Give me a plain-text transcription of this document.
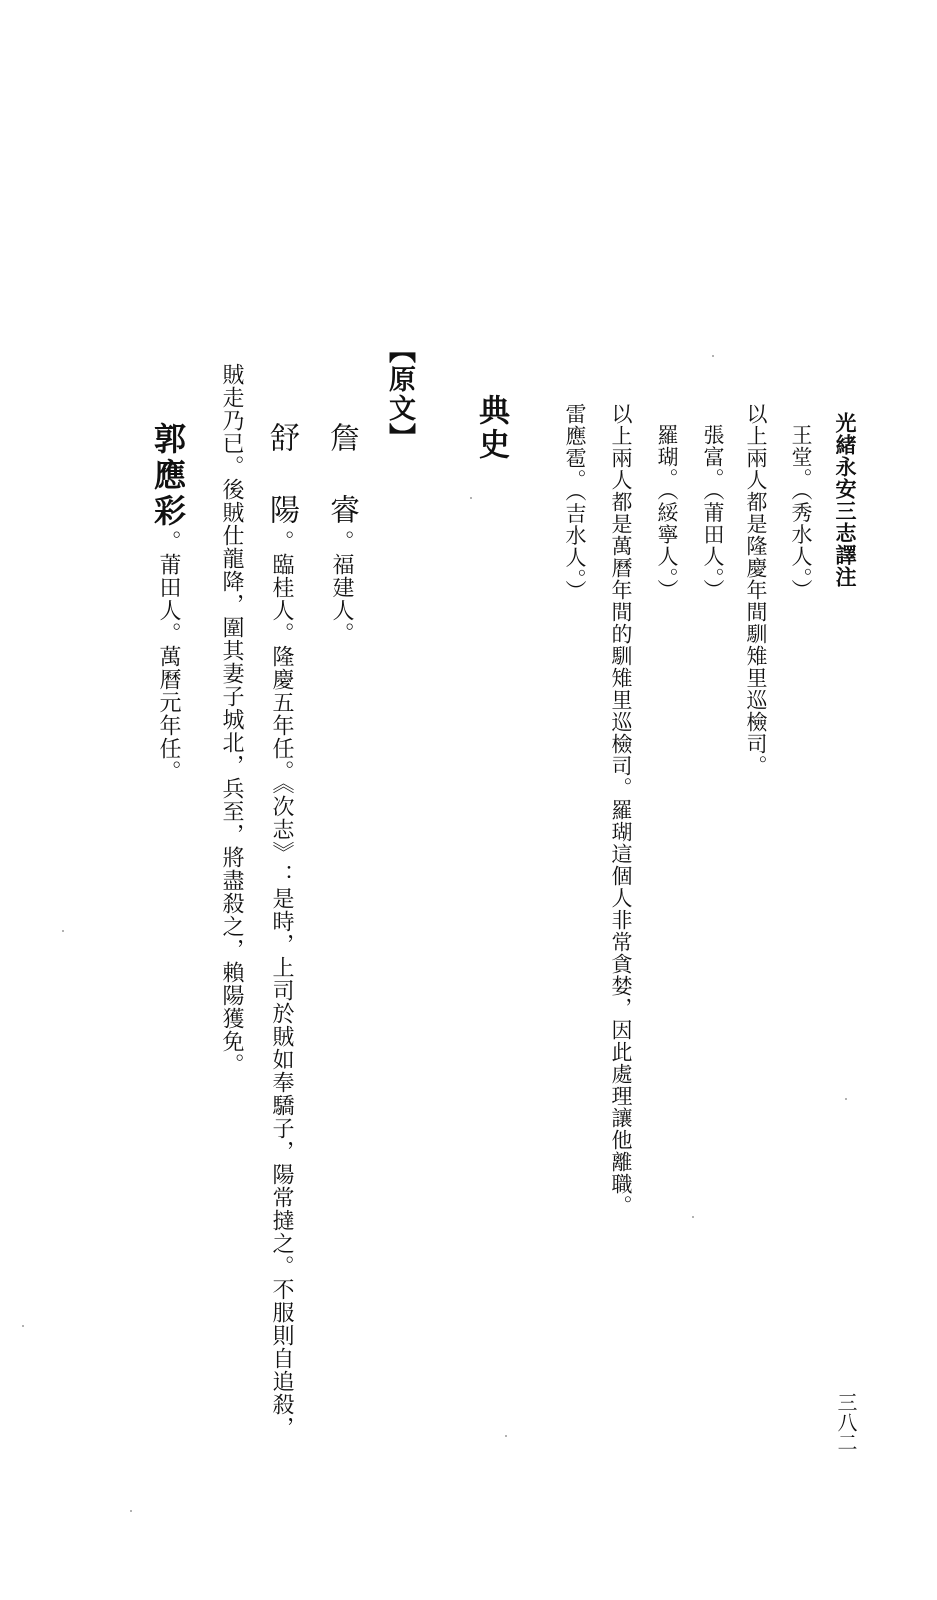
光緒永安三志譯注
三八二
王堂。（秀水人。）
以上兩人都是隆慶年間馴雉里巡檢司。
張富。（莆田人。）
羅瑚。（綏寧人。）
以上兩人都是萬曆年間的馴雉里巡檢司。羅瑚這個人非常貪婪，因此處理讓他離職。
雷應雹。（吉水人。）
典史
【原文】
詹　睿。福建人。
舒　陽。臨桂人。隆慶五年任。《次志》：是時，上司於賊如奉驕子，陽常撻之。不服則自追殺，
賊走乃已。後賊仕龍降，圍其妻子城北，兵至，將盡殺之，賴陽獲免。
郭應彩。莆田人。萬曆元年任。
